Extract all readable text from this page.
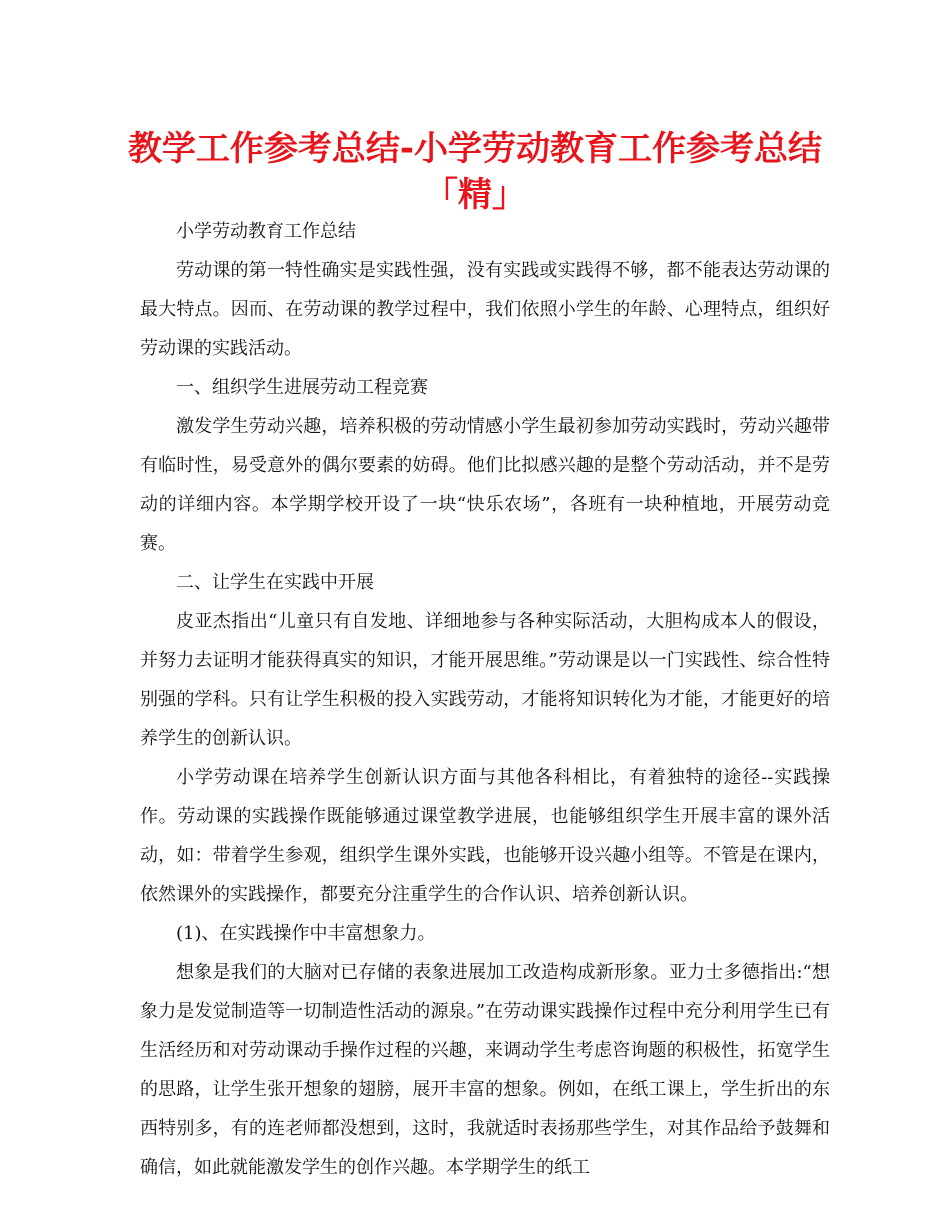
教学工作参考总结-小学劳动教育工作参考总结
「精」

小学劳动教育工作总结

劳动课的第一特性确实是实践性强，没有实践或实践得不够，都不能表达劳动课的最大特点。因而、在劳动课的教学过程中，我们依照小学生的年龄、心理特点，组织好劳动课的实践活动。

一、组织学生进展劳动工程竞赛

激发学生劳动兴趣，培养积极的劳动情感小学生最初参加劳动实践时，劳动兴趣带有临时性，易受意外的偶尔要素的妨碍。他们比拟感兴趣的是整个劳动活动，并不是劳动的详细内容。本学期学校开设了一块“快乐农场”，各班有一块种植地，开展劳动竞赛。

二、让学生在实践中开展

皮亚杰指出“儿童只有自发地、详细地参与各种实际活动，大胆构成本人的假设，并努力去证明才能获得真实的知识，才能开展思维。”劳动课是以一门实践性、综合性特别强的学科。只有让学生积极的投入实践劳动，才能将知识转化为才能，才能更好的培养学生的创新认识。

小学劳动课在培养学生创新认识方面与其他各科相比，有着独特的途径--实践操作。劳动课的实践操作既能够通过课堂教学进展，也能够组织学生开展丰富的课外活动，如：带着学生参观，组织学生课外实践，也能够开设兴趣小组等。不管是在课内，依然课外的实践操作，都要充分注重学生的合作认识、培养创新认识。

(1)、在实践操作中丰富想象力。

想象是我们的大脑对已存储的表象进展加工改造构成新形象。亚力士多德指出:“想象力是发觉制造等一切制造性活动的源泉。”在劳动课实践操作过程中充分利用学生已有生活经历和对劳动课动手操作过程的兴趣，来调动学生考虑咨询题的积极性，拓宽学生的思路，让学生张开想象的翅膀，展开丰富的想象。例如，在纸工课上，学生折出的东西特别多，有的连老师都没想到，这时，我就适时表扬那些学生，对其作品给予鼓舞和确信，如此就能激发学生的创作兴趣。本学期学生的纸工
